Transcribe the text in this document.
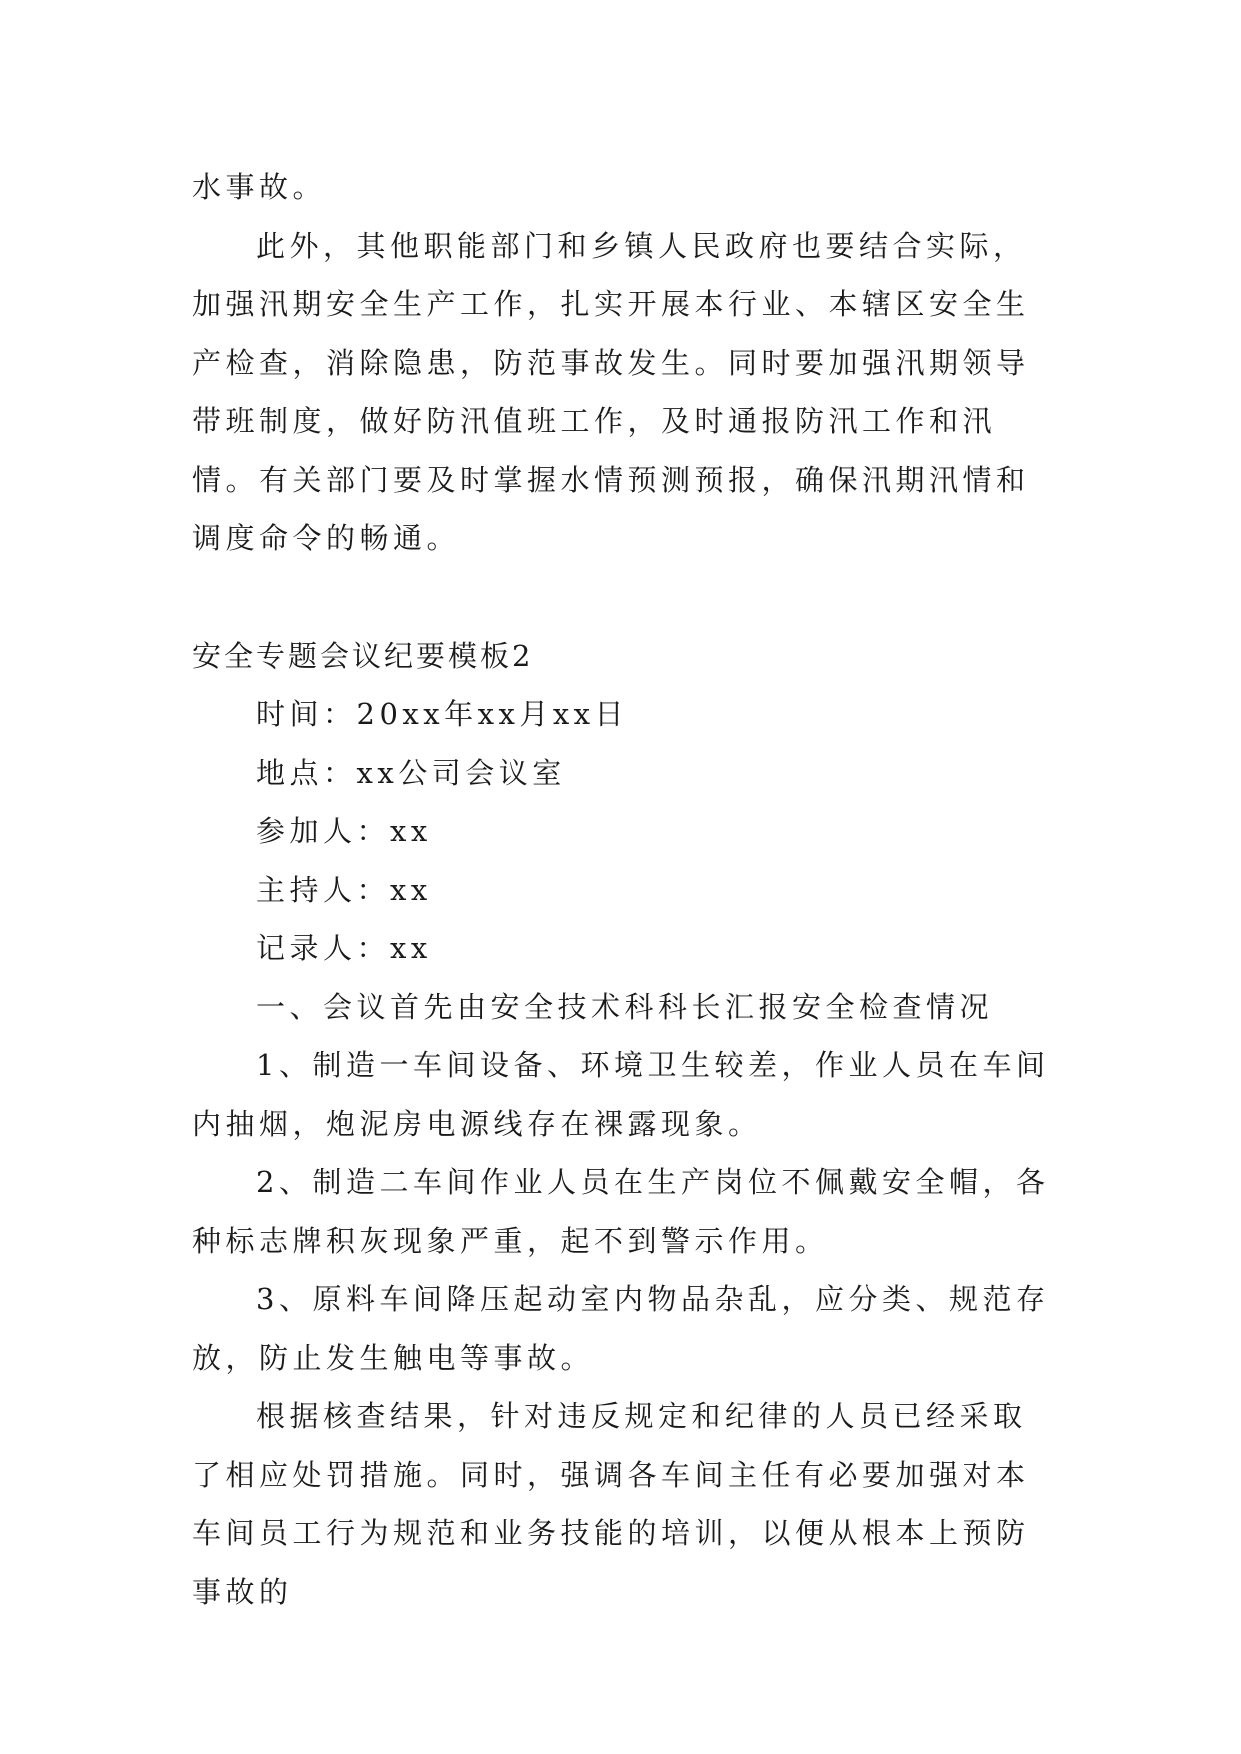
水事故。

此外，其他职能部门和乡镇人民政府也要结合实际，加强汛期安全生产工作，扎实开展本行业、本辖区安全生产检查，消除隐患，防范事故发生。同时要加强汛期领导带班制度，做好防汛值班工作，及时通报防汛工作和汛情。有关部门要及时掌握水情预测预报，确保汛期汛情和调度命令的畅通。

安全专题会议纪要模板2

时间：20xx年xx月xx日

地点：xx公司会议室

参加人：xx

主持人：xx

记录人：xx

一、会议首先由安全技术科科长汇报安全检查情况

1、制造一车间设备、环境卫生较差，作业人员在车间内抽烟，炮泥房电源线存在裸露现象。

2、制造二车间作业人员在生产岗位不佩戴安全帽，各种标志牌积灰现象严重，起不到警示作用。

3、原料车间降压起动室内物品杂乱，应分类、规范存放，防止发生触电等事故。

根据核查结果，针对违反规定和纪律的人员已经采取了相应处罚措施。同时，强调各车间主任有必要加强对本车间员工行为规范和业务技能的培训，以便从根本上预防事故的
